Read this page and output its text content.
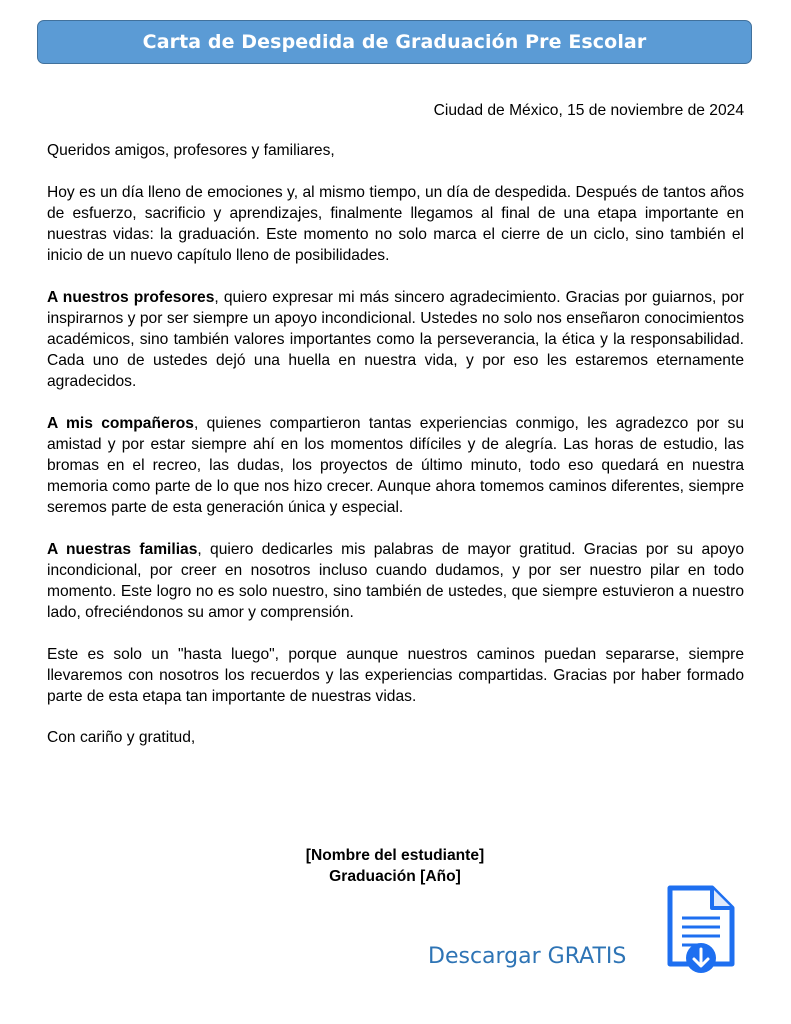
Carta de Despedida de Graduación Pre Escolar

Ciudad de México, 15 de noviembre de 2024

Queridos amigos, profesores y familiares,

Hoy es un día lleno de emociones y, al mismo tiempo, un día de despedida. Después de tantos años de esfuerzo, sacrificio y aprendizajes, finalmente llegamos al final de una etapa importante en nuestras vidas: la graduación. Este momento no solo marca el cierre de un ciclo, sino también el inicio de un nuevo capítulo lleno de posibilidades.

A nuestros profesores, quiero expresar mi más sincero agradecimiento. Gracias por guiarnos, por inspirarnos y por ser siempre un apoyo incondicional. Ustedes no solo nos enseñaron conocimientos académicos, sino también valores importantes como la perseverancia, la ética y la responsabilidad. Cada uno de ustedes dejó una huella en nuestra vida, y por eso les estaremos eternamente agradecidos.

A mis compañeros, quienes compartieron tantas experiencias conmigo, les agradezco por su amistad y por estar siempre ahí en los momentos difíciles y de alegría. Las horas de estudio, las bromas en el recreo, las dudas, los proyectos de último minuto, todo eso quedará en nuestra memoria como parte de lo que nos hizo crecer. Aunque ahora tomemos caminos diferentes, siempre seremos parte de esta generación única y especial.

A nuestras familias, quiero dedicarles mis palabras de mayor gratitud. Gracias por su apoyo incondicional, por creer en nosotros incluso cuando dudamos, y por ser nuestro pilar en todo momento. Este logro no es solo nuestro, sino también de ustedes, que siempre estuvieron a nuestro lado, ofreciéndonos su amor y comprensión.

Este es solo un "hasta luego", porque aunque nuestros caminos puedan separarse, siempre llevaremos con nosotros los recuerdos y las experiencias compartidas. Gracias por haber formado parte de esta etapa tan importante de nuestras vidas.

Con cariño y gratitud,

[Nombre del estudiante]
Graduación [Año]
Descargar GRATIS
